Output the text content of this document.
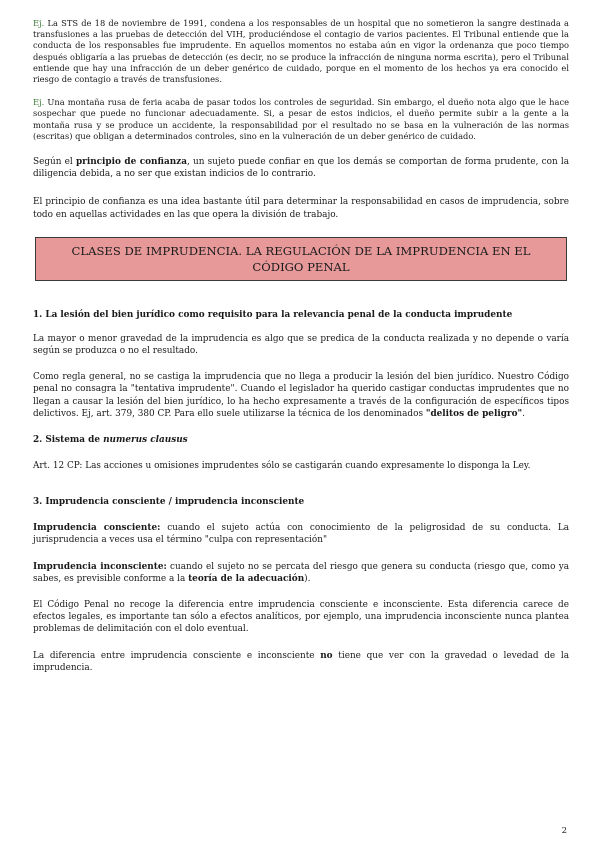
Ej. La STS de 18 de noviembre de 1991, condena a los responsables de un hospital que no sometieron la sangre destinada a transfusiones a las pruebas de detección del VIH, produciéndose el contagio de varios pacientes. El Tribunal entiende que la conducta de los responsables fue imprudente. En aquellos momentos no estaba aún en vigor la ordenanza que poco tiempo después obligaría a las pruebas de detección (es decir, no se produce la infracción de ninguna norma escrita), pero el Tribunal entiende que hay una infracción de un deber genérico de cuidado, porque en el momento de los hechos ya era conocido el riesgo de contagio a través de transfusiones.

Ej. Una montaña rusa de feria acaba de pasar todos los controles de seguridad. Sin embargo, el dueño nota algo que le hace sospechar que puede no funcionar adecuadamente. Si, a pesar de estos indicios, el dueño permite subir a la gente a la montaña rusa y se produce un accidente, la responsabilidad por el resultado no se basa en la vulneración de las normas (escritas) que obligan a determinados controles, sino en la vulneración de un deber genérico de cuidado.

Según el principio de confianza, un sujeto puede confiar en que los demás se comportan de forma prudente, con la diligencia debida, a no ser que existan indicios de lo contrario.

El principio de confianza es una idea bastante útil para determinar la responsabilidad en casos de imprudencia, sobre todo en aquellas actividades en las que opera la división de trabajo.

CLASES DE IMPRUDENCIA. LA REGULACIÓN DE LA IMPRUDENCIA EN EL CÓDIGO PENAL

1. La lesión del bien jurídico como requisito para la relevancia penal de la conducta imprudente

La mayor o menor gravedad de la imprudencia es algo que se predica de la conducta realizada y no depende o varía según se produzca o no el resultado.

Como regla general, no se castiga la imprudencia que no llega a producir la lesión del bien jurídico. Nuestro Código penal no consagra la "tentativa imprudente". Cuando el legislador ha querido castigar conductas imprudentes que no llegan a causar la lesión del bien jurídico, lo ha hecho expresamente a través de la configuración de específicos tipos delictivos. Ej, art. 379, 380 CP. Para ello suele utilizarse la técnica de los denominados "delitos de peligro".

2. Sistema de numerus clausus

Art. 12 CP: Las acciones u omisiones imprudentes sólo se castigarán cuando expresamente lo disponga la Ley.

3. Imprudencia consciente / imprudencia inconsciente

Imprudencia consciente: cuando el sujeto actúa con conocimiento de la peligrosidad de su conducta. La jurisprudencia a veces usa el término "culpa con representación"

Imprudencia inconsciente: cuando el sujeto no se percata del riesgo que genera su conducta (riesgo que, como ya sabes, es previsible conforme a la teoría de la adecuación).

El Código Penal no recoge la diferencia entre imprudencia consciente e inconsciente. Esta diferencia carece de efectos legales, es importante tan sólo a efectos analíticos, por ejemplo, una imprudencia inconsciente nunca plantea problemas de delimitación con el dolo eventual.

La diferencia entre imprudencia consciente e inconsciente no tiene que ver con la gravedad o levedad de la imprudencia.

2
